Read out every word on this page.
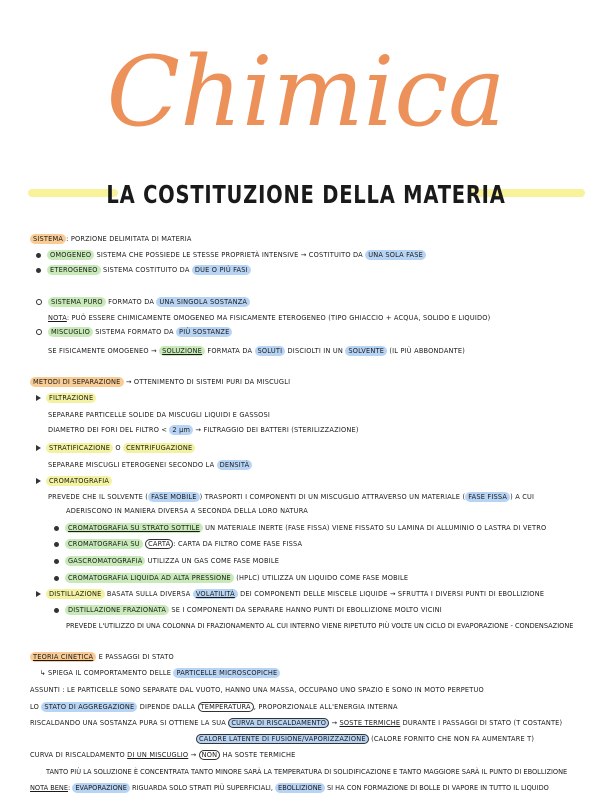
Chimica
LA COSTITUZIONE DELLA MATERIA
SISTEMA : PORZIONE DELIMITATA DI MATERIA
OMOGENEO SISTEMA CHE POSSIEDE LE STESSE PROPRIETÀ INTENSIVE → COSTITUITO DA UNA SOLA FASE
ETEROGENEO SISTEMA COSTITUITO DA DUE O PIÙ FASI
SISTEMA PURO FORMATO DA UNA SINGOLA SOSTANZA
NOTA: PUÒ ESSERE CHIMICAMENTE OMOGENEO MA FISICAMENTE ETEROGENEO (TIPO GHIACCIO + ACQUA, SOLIDO E LIQUIDO)
MISCUGLIO SISTEMA FORMATO DA PIÙ SOSTANZE
SE FISICAMENTE OMOGENEO → SOLUZIONE FORMATA DA SOLUTI DISCIOLTI IN UN SOLVENTE (IL PIÙ ABBONDANTE)
METODI DI SEPARAZIONE → OTTENIMENTO DI SISTEMI PURI DA MISCUGLI
FILTRAZIONE
SEPARARE PARTICELLE SOLIDE DA MISCUGLI LIQUIDI E GASSOSI
DIAMETRO DEI FORI DEL FILTRO < 2 μm → FILTRAGGIO DEI BATTERI (STERILIZZAZIONE)
STRATIFICAZIONE O CENTRIFUGAZIONE
SEPARARE MISCUGLI ETEROGENEI SECONDO LA DENSITÀ
CROMATOGRAFIA
PREVEDE CHE IL SOLVENTE ( FASE MOBILE ) TRASPORTI I COMPONENTI DI UN MISCUGLIO ATTRAVERSO UN MATERIALE ( FASE FISSA ) A CUI
ADERISCONO IN MANIERA DIVERSA A SECONDA DELLA LORO NATURA
CROMATOGRAFIA SU STRATO SOTTILE UN MATERIALE INERTE (FASE FISSA) VIENE FISSATO SU LAMINA DI ALLUMINIO O LASTRA DI VETRO
CROMATOGRAFIA SU CARTA : CARTA DA FILTRO COME FASE FISSA
GASCROMATOGRAFIA UTILIZZA UN GAS COME FASE MOBILE
CROMATOGRAFIA LIQUIDA AD ALTA PRESSIONE (HPLC) UTILIZZA UN LIQUIDO COME FASE MOBILE
DISTILLAZIONE BASATA SULLA DIVERSA VOLATILITÀ DEI COMPONENTI DELLE MISCELE LIQUIDE → SFRUTTA I DIVERSI PUNTI DI EBOLLIZIONE
DISTILLAZIONE FRAZIONATA SE I COMPONENTI DA SEPARARE HANNO PUNTI DI EBOLLIZIONE MOLTO VICINI
PREVEDE L'UTILIZZO DI UNA COLONNA DI FRAZIONAMENTO AL CUI INTERNO VIENE RIPETUTO PIÙ VOLTE UN CICLO DI EVAPORAZIONE - CONDENSAZIONE
TEORIA CINETICA E PASSAGGI DI STATO
↳ SPIEGA IL COMPORTAMENTO DELLE PARTICELLE MICROSCOPICHE
ASSUNTI : LE PARTICELLE SONO SEPARATE DAL VUOTO, HANNO UNA MASSA, OCCUPANO UNO SPAZIO E SONO IN MOTO PERPETUO
LO STATO DI AGGREGAZIONE DIPENDE DALLA TEMPERATURA , PROPORZIONALE ALL'ENERGIA INTERNA
RISCALDANDO UNA SOSTANZA PURA SI OTTIENE LA SUA CURVA DI RISCALDAMENTO → SOSTE TERMICHE DURANTE I PASSAGGI DI STATO (T COSTANTE)
CALORE LATENTE DI FUSIONE/VAPORIZZAZIONE (CALORE FORNITO CHE NON FA AUMENTARE T)
CURVA DI RISCALDAMENTO DI UN MISCUGLIO → NON HA SOSTE TERMICHE
TANTO PIÙ LA SOLUZIONE È CONCENTRATA TANTO MINORE SARÀ LA TEMPERATURA DI SOLIDIFICAZIONE E TANTO MAGGIORE SARÀ IL PUNTO DI EBOLLIZIONE
NOTA BENE: EVAPORAZIONE RIGUARDA SOLO STRATI PIÙ SUPERFICIALI, EBOLLIZIONE SI HA CON FORMAZIONE DI BOLLE DI VAPORE IN TUTTO IL LIQUIDO
